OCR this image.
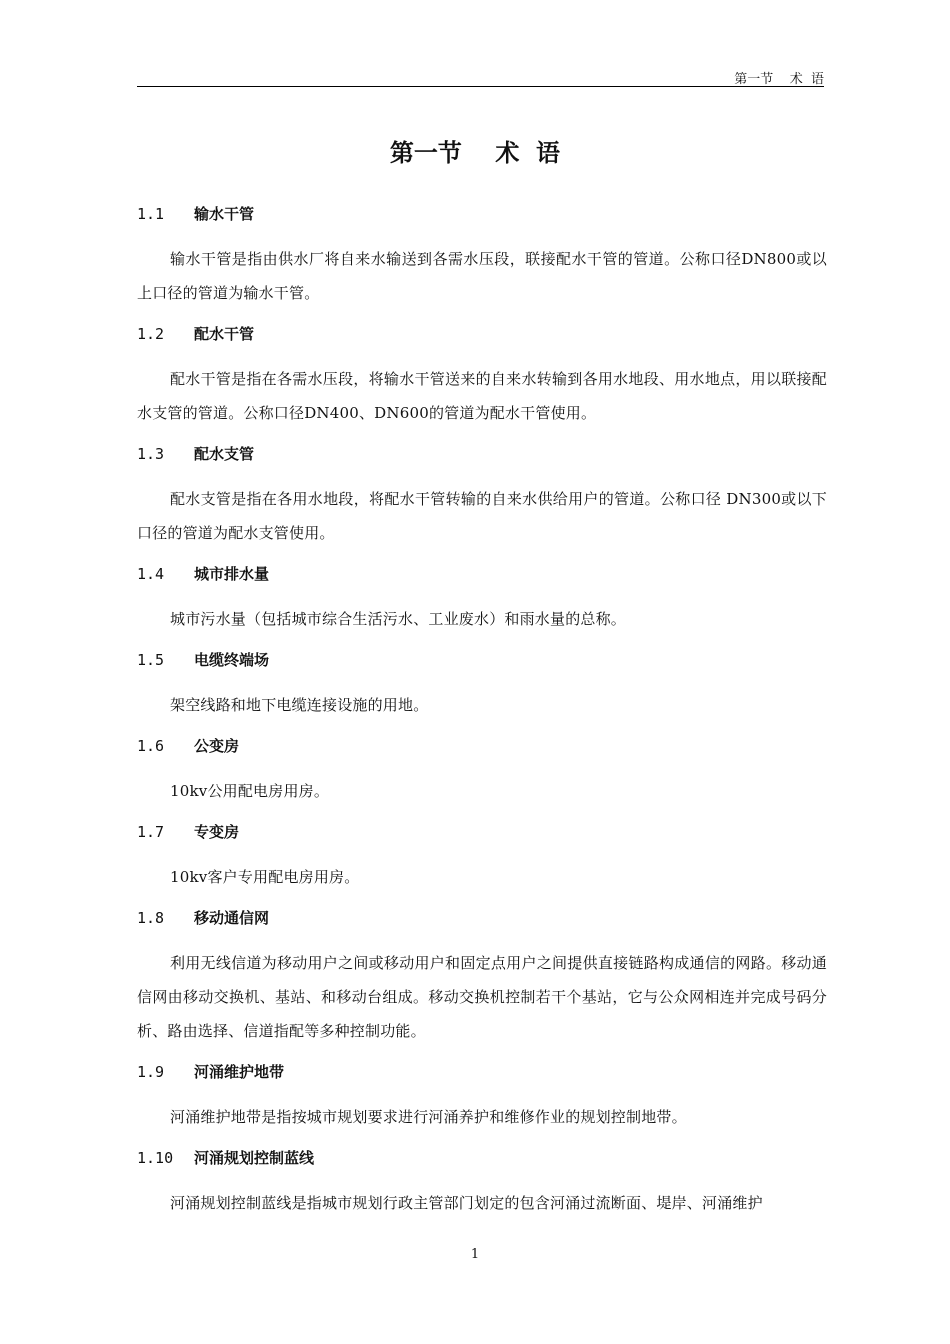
第一节    术  语
第一节    术  语
1.1 输水干管

输水干管是指由供水厂将自来水输送到各需水压段，联接配水干管的管道。公称口径DN800或以上口径的管道为输水干管。

1.2 配水干管

配水干管是指在各需水压段，将输水干管送来的自来水转输到各用水地段、用水地点，用以联接配水支管的管道。公称口径DN400、DN600的管道为配水干管使用。

1.3 配水支管

配水支管是指在各用水地段，将配水干管转输的自来水供给用户的管道。公称口径 DN300或以下口径的管道为配水支管使用。

1.4 城市排水量

城市污水量（包括城市综合生活污水、工业废水）和雨水量的总称。

1.5 电缆终端场

架空线路和地下电缆连接设施的用地。

1.6 公变房

10kv公用配电房用房。

1.7 专变房

10kv客户专用配电房用房。

1.8 移动通信网

利用无线信道为移动用户之间或移动用户和固定点用户之间提供直接链路构成通信的网路。移动通信网由移动交换机、基站、和移动台组成。移动交换机控制若干个基站，它与公众网相连并完成号码分析、路由选择、信道指配等多种控制功能。

1.9 河涌维护地带

河涌维护地带是指按城市规划要求进行河涌养护和维修作业的规划控制地带。

1.10 河涌规划控制蓝线

河涌规划控制蓝线是指城市规划行政主管部门划定的包含河涌过流断面、堤岸、河涌维护

1
